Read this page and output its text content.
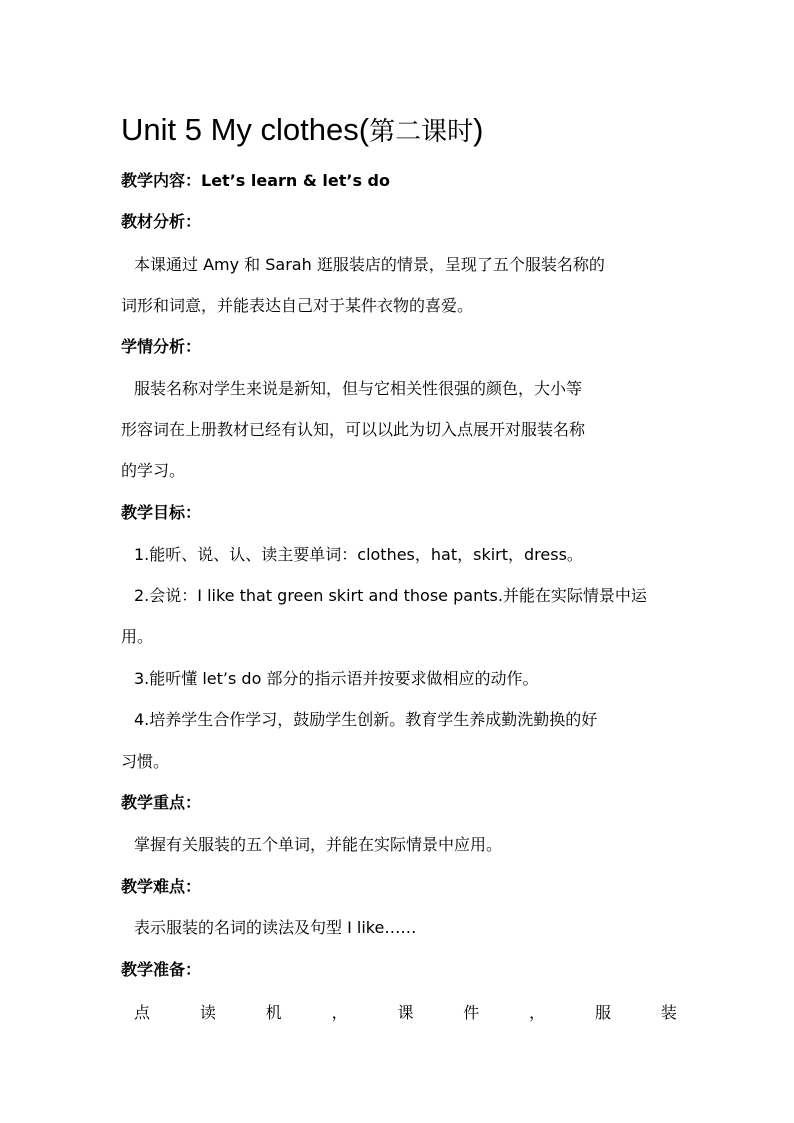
Unit 5 My clothes(第二课时)
教学内容：Let’s learn & let’s do
教材分析：
本课通过 Amy 和 Sarah 逛服装店的情景，呈现了五个服装名称的
词形和词意，并能表达自己对于某件衣物的喜爱。
学情分析：
服装名称对学生来说是新知，但与它相关性很强的颜色，大小等
形容词在上册教材已经有认知，可以以此为切入点展开对服装名称
的学习。
教学目标：
1.能听、说、认、读主要单词：clothes，hat，skirt，dress。
2.会说：I like that green skirt and those pants.并能在实际情景中运
用。
3.能听懂 let’s do 部分的指示语并按要求做相应的动作。
4.培养学生合作学习，鼓励学生创新。教育学生养成勤洗勤换的好
习惯。
教学重点：
掌握有关服装的五个单词，并能在实际情景中应用。
教学难点：
表示服装的名词的读法及句型 I like……
教学准备：
点	读	机	，	课	件	，	服	装
